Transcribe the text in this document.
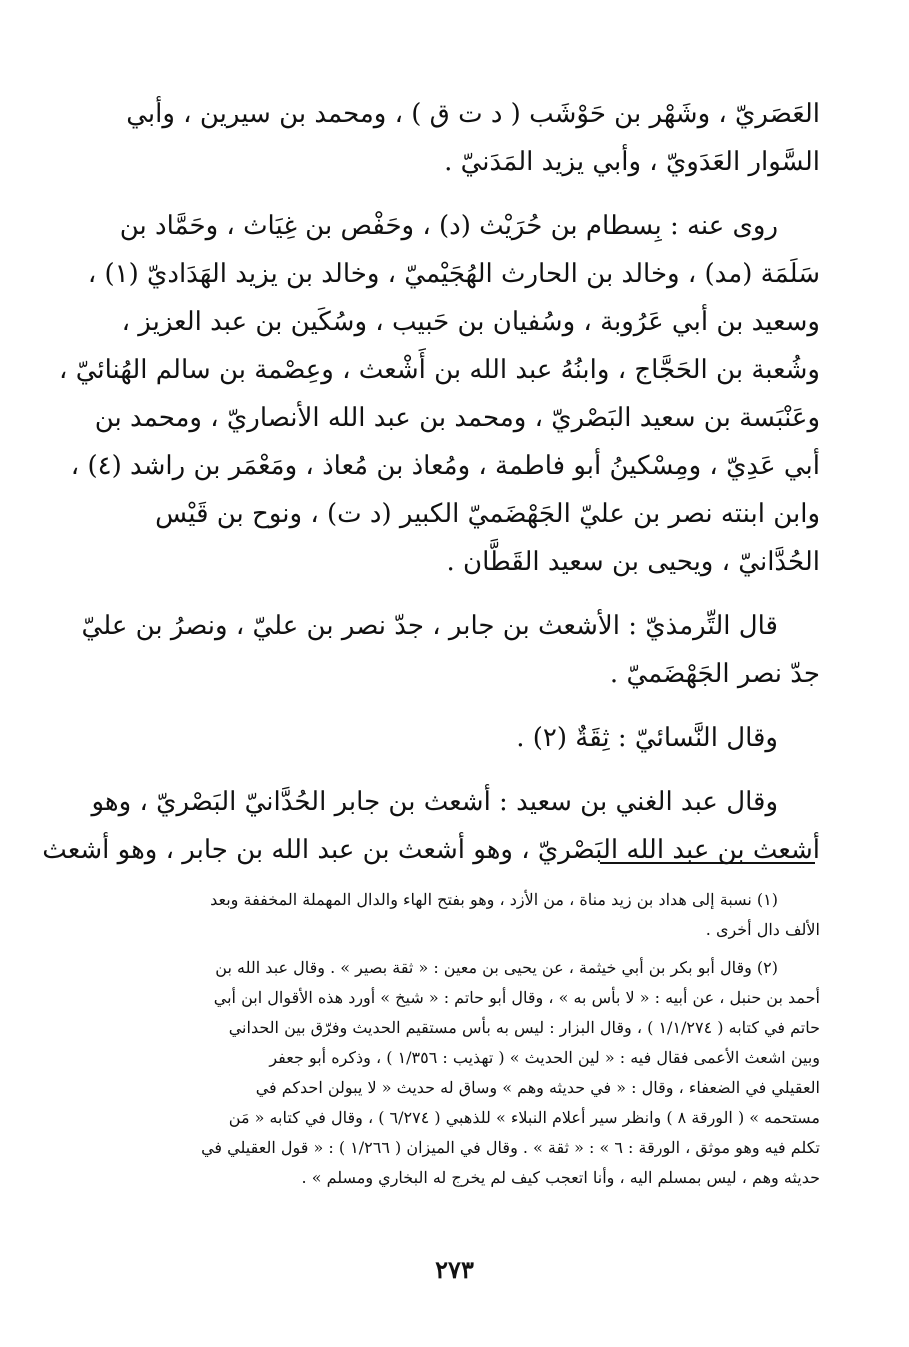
العَصَريّ ، وشَهْر بن حَوْشَب ( د ت ق ) ، ومحمد بن سيرين ، وأبي
السَّوار العَدَويّ ، وأبي يزيد المَدَنيّ .

روى عنه : بِسطام بن حُرَيْث (د) ، وحَفْص بن غِيَاث ، وحَمَّاد بن
سَلَمَة (مد) ، وخالد بن الحارث الهُجَيْميّ ، وخالد بن يزيد الهَدَاديّ (١) ،
وسعيد بن أبي عَرُوبة ، وسُفيان بن حَبيب ، وسُكَين بن عبد العزيز ،
وشُعبة بن الحَجَّاج ، وابنُهُ عبد الله بن أَشْعث ، وعِصْمة بن سالم الهُنائيّ ،
وعَنْبَسة بن سعيد البَصْريّ ، ومحمد بن عبد الله الأنصاريّ ، ومحمد بن
أبي عَدِيّ ، ومِسْكينُ أبو فاطمة ، ومُعاذ بن مُعاذ ، ومَعْمَر بن راشد (٤) ،
وابن ابنته نصر بن عليّ الجَهْضَميّ الكبير (د ت) ، ونوح بن قَيْس
الحُدَّانيّ ، ويحيى بن سعيد القَطَّان .

قال التِّرمذيّ : الأشعث بن جابر ، جدّ نصر بن عليّ ، ونصرُ بن عليّ
جدّ نصر الجَهْضَميّ .

وقال النَّسائيّ : ثِقَةٌ (٢) .

وقال عبد الغني بن سعيد : أشعث بن جابر الحُدَّانيّ البَصْريّ ، وهو
أشعث بن عبد الله البَصْريّ ، وهو أشعث بن عبد الله بن جابر ، وهو أشعث

(١) نسبة إلى هداد بن زيد مناة ، من الأزد ، وهو بفتح الهاء والدال المهملة المخففة وبعد
الألف دال أخرى .

(٢) وقال أبو بكر بن أبي خيثمة ، عن يحيى بن معين : « ثقة بصير » . وقال عبد الله بن
أحمد بن حنبل ، عن أبيه : « لا بأس به » ، وقال أبو حاتم : « شيخ » أورد هذه الأقوال ابن أبي
حاتم في كتابه ( ١/١/٢٧٤ ) ، وقال البزار : ليس به بأس مستقيم الحديث وفرّق بين الحداني
وبين اشعث الأعمى فقال فيه : « لين الحديث » ( تهذيب : ١/٣٥٦ ) ، وذكره أبو جعفر
العقيلي في الضعفاء ، وقال : « في حديثه وهم » وساق له حديث « لا يبولن احدكم في
مستحمه » ( الورقة ٨ ) وانظر سير أعلام النبلاء » للذهبي ( ٦/٢٧٤ ) ، وقال في كتابه « مَن
تكلم فيه وهو موثق ، الورقة : ٦ » : « ثقة » . وقال في الميزان ( ١/٢٦٦ ) : « قول العقيلي في
حديثه وهم ، ليس بمسلم اليه ، وأنا اتعجب كيف لم يخرج له البخاري ومسلم » .

٢٧٣
